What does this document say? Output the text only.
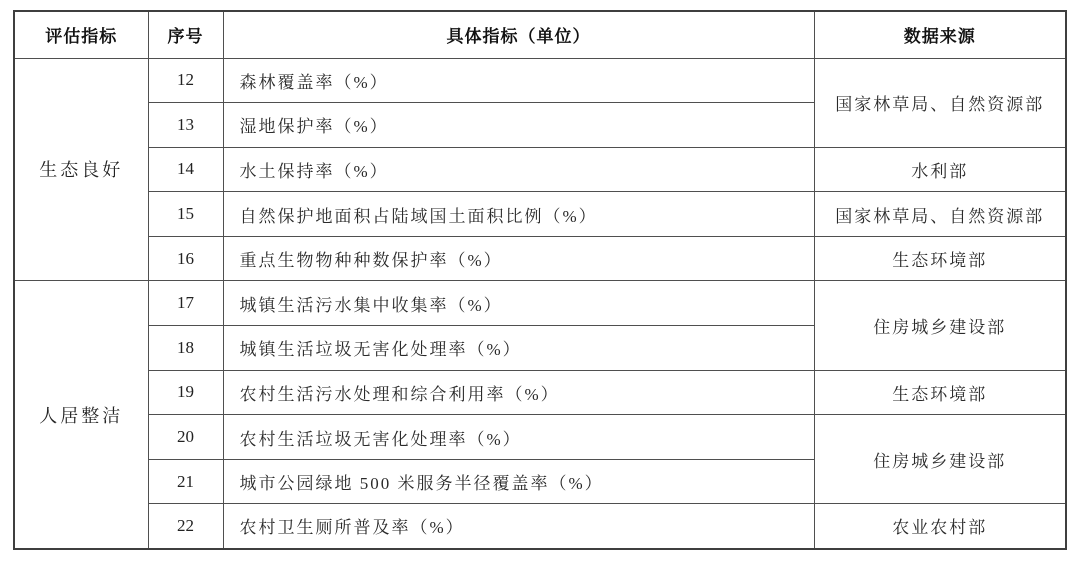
评估指标	序号	具体指标（单位）	数据来源
生态良好	12	森林覆盖率（%）	国家林草局、自然资源部
	13	湿地保护率（%）	
	14	水土保持率（%）	水利部
	15	自然保护地面积占陆域国土面积比例（%）	国家林草局、自然资源部
	16	重点生物物种种数保护率（%）	生态环境部
人居整洁	17	城镇生活污水集中收集率（%）	住房城乡建设部
	18	城镇生活垃圾无害化处理率（%）	
	19	农村生活污水处理和综合利用率（%）	生态环境部
	20	农村生活垃圾无害化处理率（%）	住房城乡建设部
	21	城市公园绿地 500 米服务半径覆盖率（%）	
	22	农村卫生厕所普及率（%）	农业农村部
